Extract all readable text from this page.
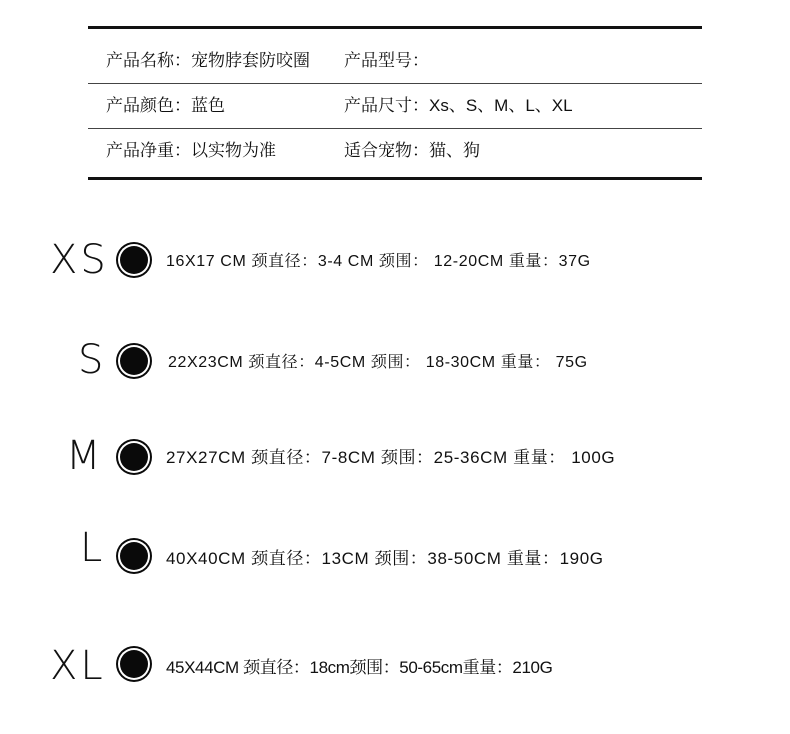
产品名称：宠物脖套防咬圈 产品型号：
产品颜色：蓝色	产品尺寸：Xs、S、M、L、XL
产品净重：以实物为准	适合宠物：猫、狗
XS	16X17 CM 颈直径：3-4 CM 颈围： 12-20CM 重量：37G
S	22X23CM 颈直径：4-5CM 颈围： 18-30CM 重量： 75G
M	27X27CM 颈直径：7-8CM 颈围：25-36CM 重量： 100G
L	40X40CM 颈直径：13CM 颈围：38-50CM 重量：190G
XL	45X44CM 颈直径：18cm颈围：50-65cm重量：210G
